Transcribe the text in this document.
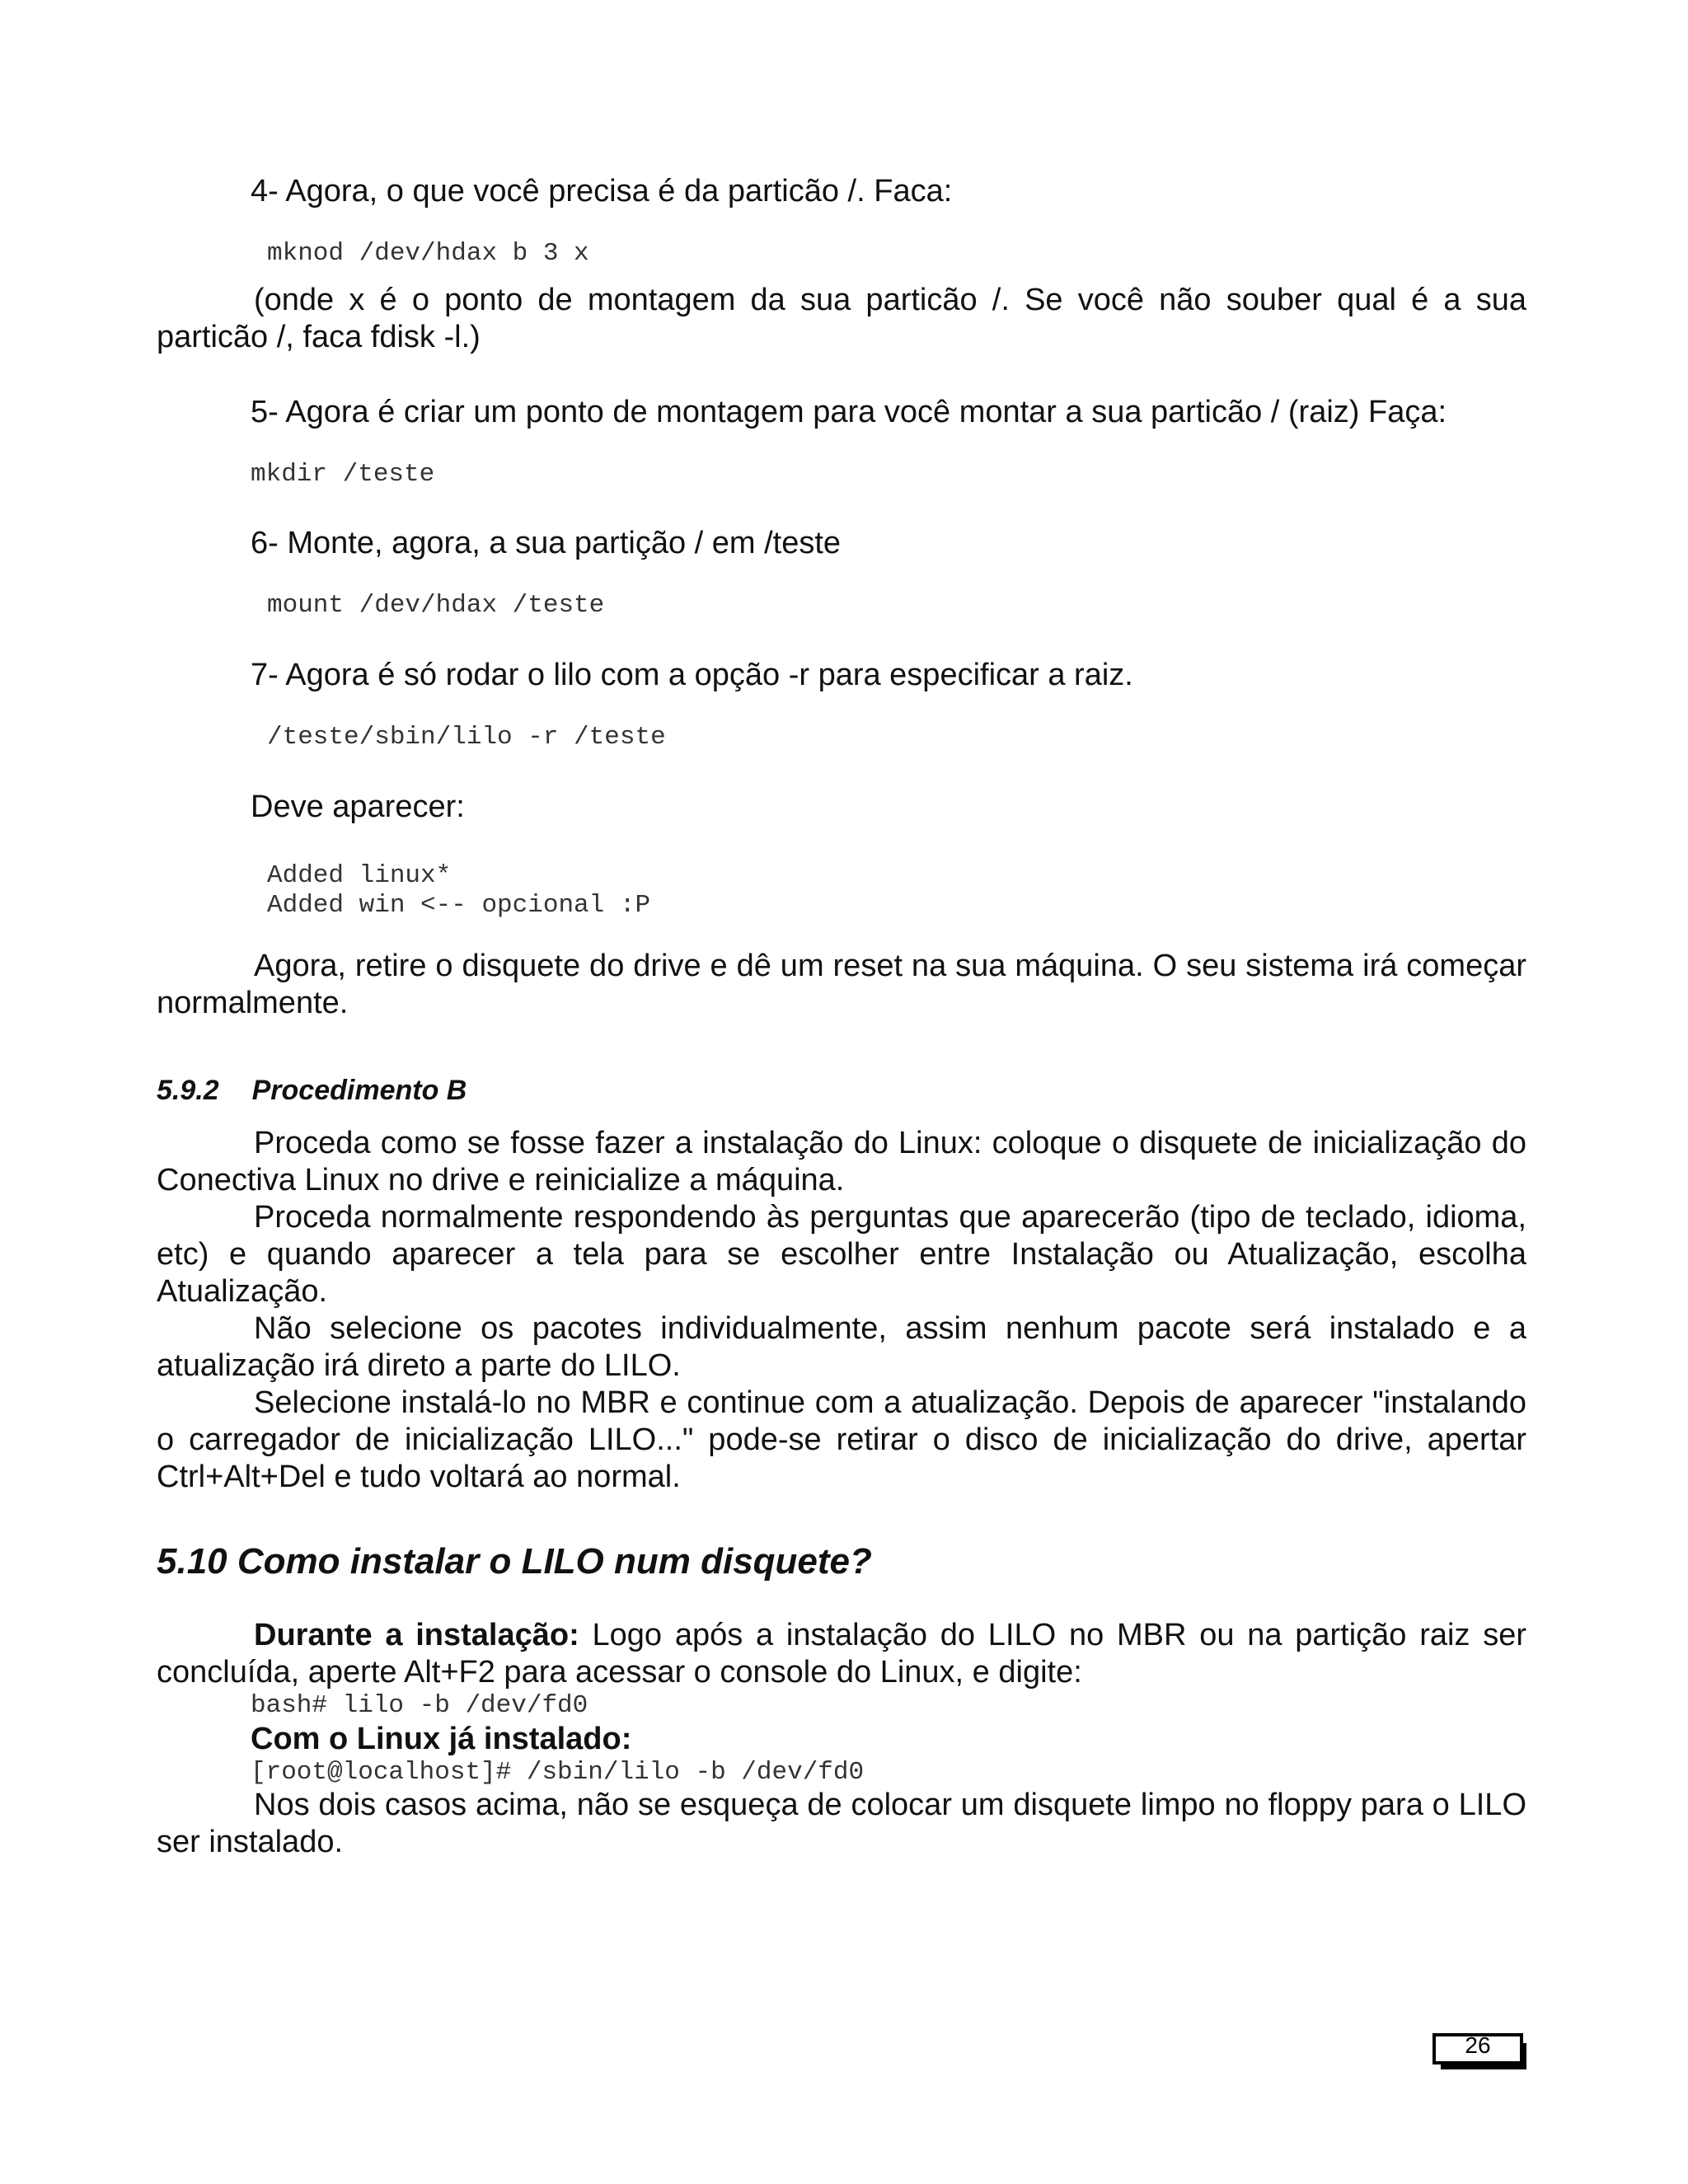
4- Agora, o que você precisa é da particão /. Faca:

mknod /dev/hdax b 3 x

(onde x é o ponto de montagem da sua particão /. Se você não souber qual é a sua particão /, faca fdisk -l.)

5- Agora é criar um ponto de montagem para você montar a sua particão / (raiz) Faça:

mkdir /teste

6- Monte, agora, a sua partição / em /teste

mount /dev/hdax /teste

7- Agora é só rodar o lilo com a opção -r para especificar a raiz.

/teste/sbin/lilo -r /teste

Deve aparecer:

Added linux*

Added win <-- opcional :P

Agora, retire o disquete do drive e dê um reset na sua máquina. O seu sistema irá começar normalmente.

5.9.2 Procedimento B

Proceda como se fosse fazer a instalação do Linux: coloque o disquete de inicialização do Conectiva Linux no drive e reinicialize a máquina.

Proceda normalmente respondendo às perguntas que aparecerão (tipo de teclado, idioma, etc) e quando aparecer a tela para se escolher entre Instalação ou Atualização, escolha Atualização.

Não selecione os pacotes individualmente, assim nenhum pacote será instalado e a atualização irá direto a parte do LILO.

Selecione instalá-lo no MBR e continue com a atualização. Depois de aparecer "instalando o carregador de inicialização LILO..." pode-se retirar o disco de inicialização do drive, apertar Ctrl+Alt+Del e tudo voltará ao normal.

5.10 Como instalar o LILO num disquete?

Durante a instalação: Logo após a instalação do LILO no MBR ou na partição raiz ser concluída, aperte Alt+F2 para acessar o console do Linux, e digite:

bash# lilo -b /dev/fd0

Com o Linux já instalado:

[root@localhost]# /sbin/lilo -b /dev/fd0

Nos dois casos acima, não se esqueça de colocar um disquete limpo no floppy para o LILO ser instalado.

26
